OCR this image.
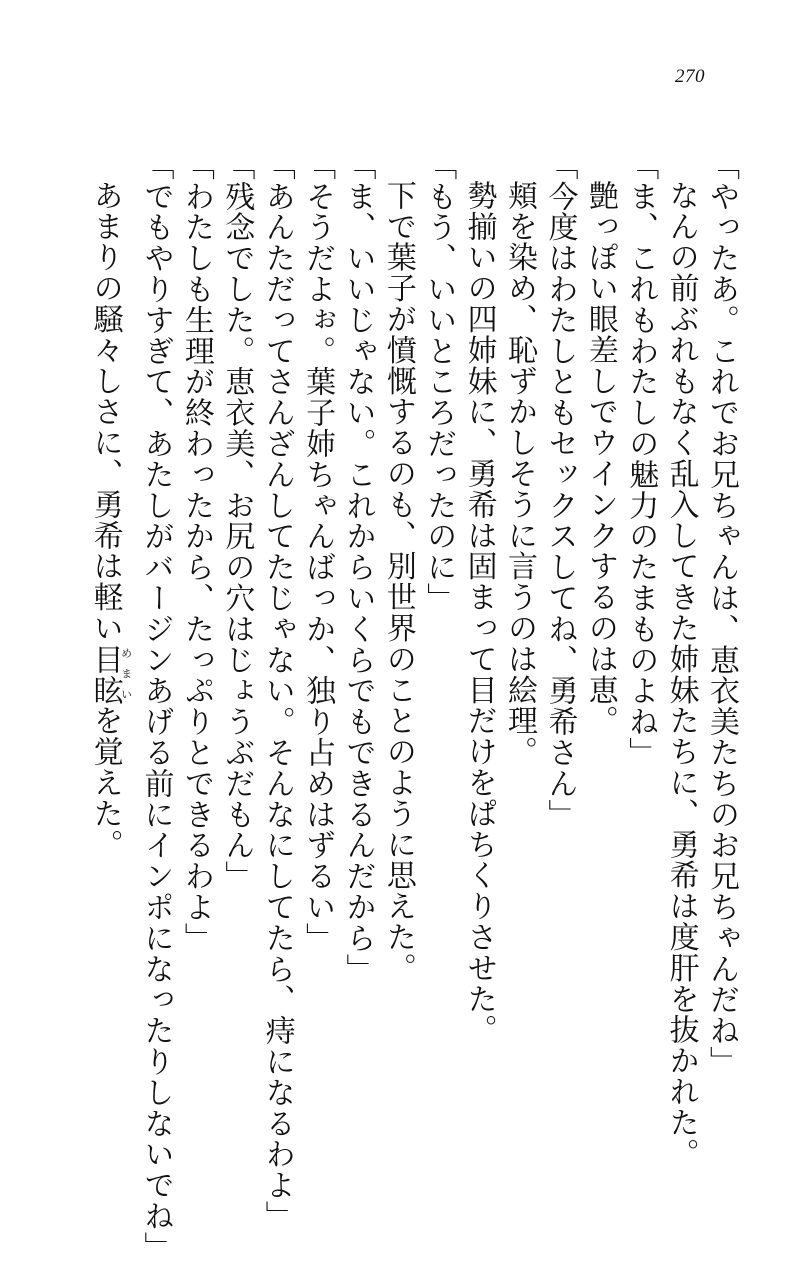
270
「やったあ。これでお兄ちゃんは、恵衣美たちのお兄ちゃんだね」
なんの前ぶれもなく乱入してきた姉妹たちに、勇希は度肝を抜かれた。
「ま、これもわたしの魅力のたまものよね」
艶っぽい眼差しでウインクするのは恵。
「今度はわたしともセックスしてね、勇希さん」
頬を染め、恥ずかしそうに言うのは絵理。
勢揃いの四姉妹に、勇希は固まって目だけをぱちくりさせた。
「もう、いいところだったのに」
下で葉子が憤慨するのも、別世界のことのように思えた。
「ま、いいじゃない。これからいくらでもできるんだから」
「そうだよぉ。葉子姉ちゃんばっか、独り占めはずるい」
「あんただってさんざんしてたじゃない。そんなにしてたら、痔になるわよ」
「残念でした。恵衣美、お尻の穴はじょうぶだもん」
「わたしも生理が終わったから、たっぷりとできるわよ」
「でもやりすぎて、あたしがバージンあげる前にインポになったりしないでね」
あまりの騒々しさに、勇希は軽い目眩めまいを覚えた。
